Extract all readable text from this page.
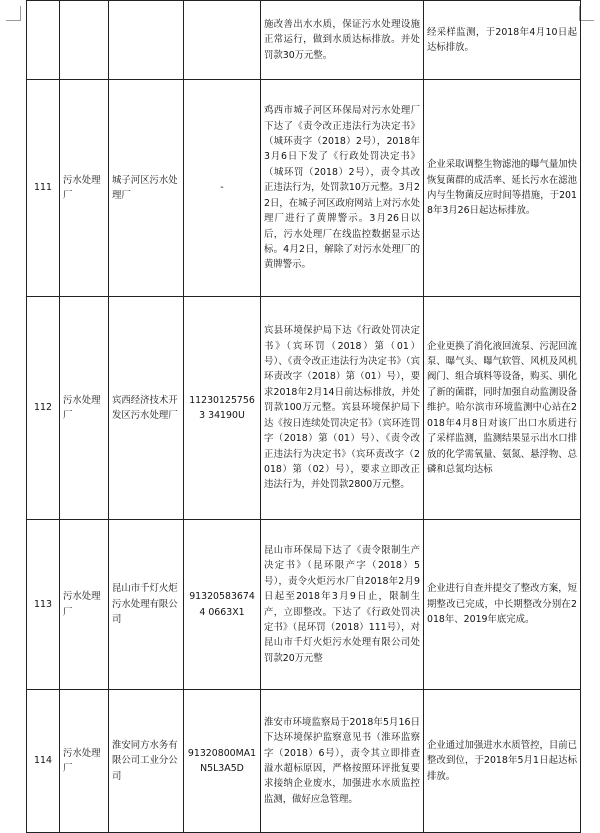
				施改善出水水质，保证污水处理设施正常运行，做到水质达标排放。并处罚款30万元整。	经采样监测，于2018年4月10日起达标排放。

111	污水处理厂	城子河区污水处理厂	-	鸡西市城子河区环保局对污水处理厂下达了《责令改正违法行为决定书》（城环责字（2018）2号），2018年3月6日下发了《行政处罚决定书》（城环罚（2018）2号），责令其改正违法行为，处罚款10万元整。3月22日，在城子河区政府网站上对污水处理厂进行了黄牌警示。3月26日以后，污水处理厂在线监控数据显示达标。4月2日，解除了对污水处理厂的黄牌警示。	企业采取调整生物滤池的曝气量加快恢复菌群的成活率、延长污水在滤池内与生物菌反应时间等措施，于2018年3月26日起达标排放。

112	污水处理厂	宾西经济技术开发区污水处理厂	112301257563 34190U	宾县环境保护局下达《行政处罚决定书》（宾环罚（2018）第（01）号）、《责令改正违法行为决定书》（宾环责改字（2018）第（01）号），要求2018年2月14日前达标排放，并处罚款100万元整。宾县环境保护局下达《按日连续处罚决定书》（宾环连罚字（2018）第（01）号）、《责令改正违法行为决定书》（宾环责改字（2018）第（02）号），要求立即改正违法行为，并处罚款2800万元整。	企业更换了消化液回流泵、污泥回流泵、曝气头、曝气软管、风机及风机阀门、组合填料等设备，购买、驯化了新的菌群，同时加强自动监测设备维护。哈尔滨市环境监测中心站在2018年4月8日对该厂出口水质进行了采样监测，监测结果显示出水口排放的化学需氧量、氨氮、悬浮物、总磷和总氮均达标

113	污水处理厂	昆山市千灯火炬污水处理有限公司	913205836744 0663X1	昆山市环保局下达了《责令限制生产决定书》（昆环限产字（2018）5号），责令火炬污水厂自2018年2月9日起至2018年3月9日止，限制生产，立即整改。下达了《行政处罚决定书》（昆环罚（2018）111号），对昆山市千灯火炬污水处理有限公司处罚款20万元整	企业进行自查并提交了整改方案，短期整改已完成，中长期整改分别在2018年、2019年底完成。

114	污水处理厂	淮安同方水务有限公司工业分公司	91320800MA1 N5L3A5D	淮安市环境监察局于2018年5月16日下达环境保护监察意见书（淮环监察字（2018）6号），责令其立即排查溢水超标原因，严格按照环评批复要求接纳企业废水，加强进水水质监控监测，做好应急管理。	企业通过加强进水水质管控，目前已整改到位，于2018年5月1日起达标排放。
